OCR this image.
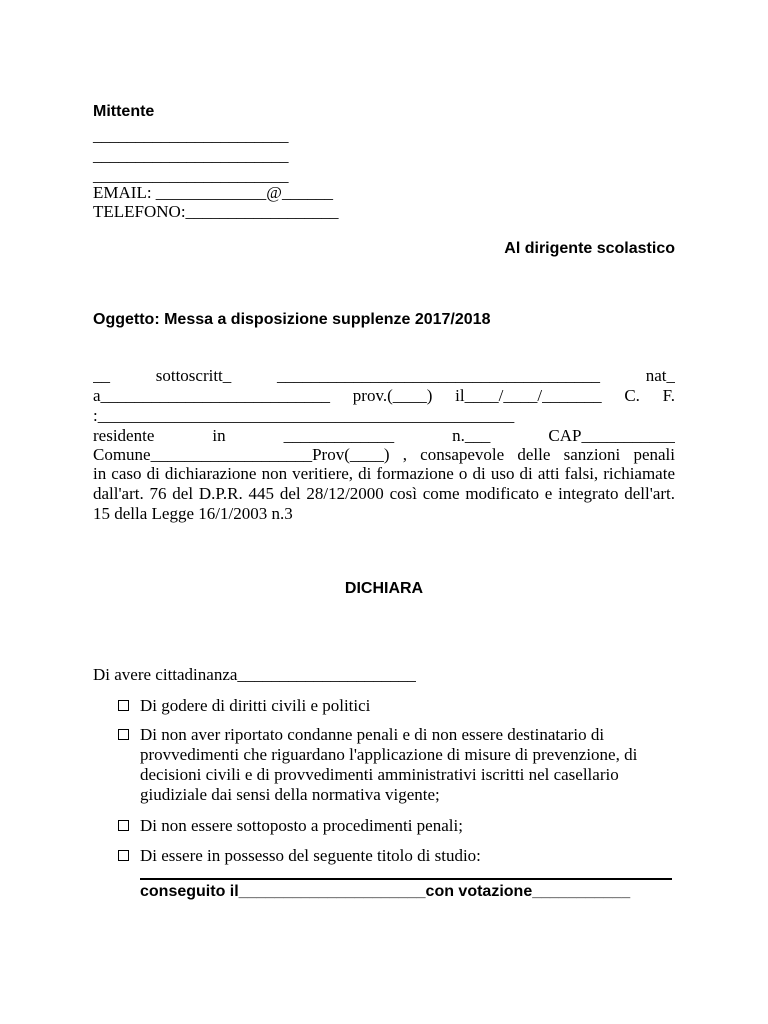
Mittente
_______________________
_______________________
_______________________
EMAIL: _____________@______
TELEFONO:__________________
Al dirigente scolastico
Oggetto: Messa a disposizione supplenze 2017/2018
__ sottoscritt_ ______________________________________ nat_
a___________________________ prov.(____) il____/____/_______ C. F.
:_________________________________________________
residente in _____________ n.___ CAP___________
Comune___________________Prov(____) , consapevole delle sanzioni penali
in caso di dichiarazione non veritiere, di formazione o di uso di atti falsi, richiamate dall'art. 76 del D.P.R. 445 del 28/12/2000 così come modificato e integrato dell'art. 15 della Legge 16/1/2003 n.3
DICHIARA
Di avere cittadinanza_____________________
Di godere di diritti civili e politici
Di non aver riportato condanne penali e di non essere destinatario di provvedimenti che riguardano l'applicazione di misure di prevenzione, di decisioni civili e di provvedimenti amministrativi iscritti nel casellario giudiziale dai sensi della normativa vigente;
Di non essere sottoposto a procedimenti penali;
Di essere in possesso del seguente titolo di studio:
conseguito il_____________________con votazione___________
